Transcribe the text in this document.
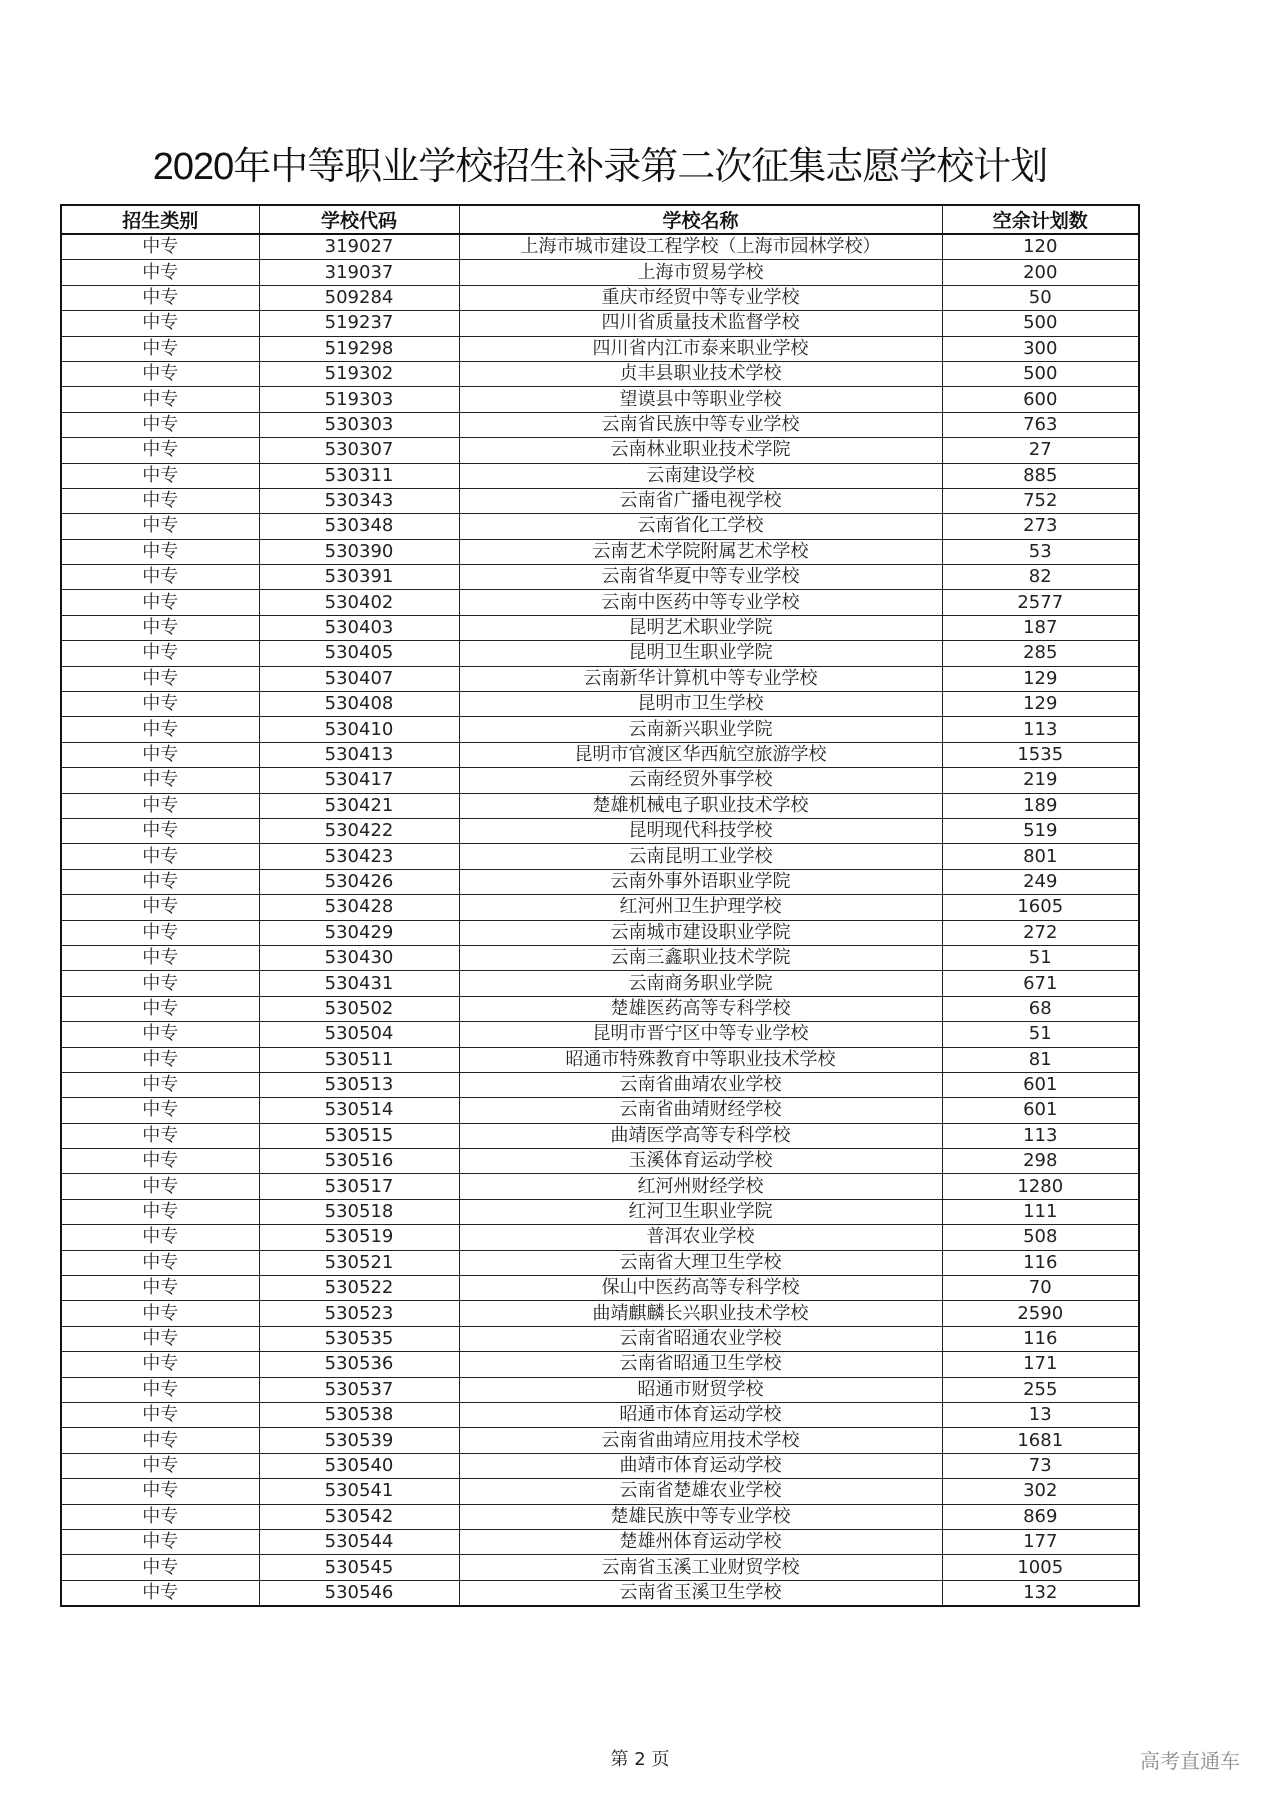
2020年中等职业学校招生补录第二次征集志愿学校计划
招生类别	学校代码	学校名称	空余计划数
中专	319027	上海市城市建设工程学校（上海市园林学校）	120
中专	319037	上海市贸易学校	200
中专	509284	重庆市经贸中等专业学校	50
中专	519237	四川省质量技术监督学校	500
中专	519298	四川省内江市泰来职业学校	300
中专	519302	贞丰县职业技术学校	500
中专	519303	望谟县中等职业学校	600
中专	530303	云南省民族中等专业学校	763
中专	530307	云南林业职业技术学院	27
中专	530311	云南建设学校	885
中专	530343	云南省广播电视学校	752
中专	530348	云南省化工学校	273
中专	530390	云南艺术学院附属艺术学校	53
中专	530391	云南省华夏中等专业学校	82
中专	530402	云南中医药中等专业学校	2577
中专	530403	昆明艺术职业学院	187
中专	530405	昆明卫生职业学院	285
中专	530407	云南新华计算机中等专业学校	129
中专	530408	昆明市卫生学校	129
中专	530410	云南新兴职业学院	113
中专	530413	昆明市官渡区华西航空旅游学校	1535
中专	530417	云南经贸外事学校	219
中专	530421	楚雄机械电子职业技术学校	189
中专	530422	昆明现代科技学校	519
中专	530423	云南昆明工业学校	801
中专	530426	云南外事外语职业学院	249
中专	530428	红河州卫生护理学校	1605
中专	530429	云南城市建设职业学院	272
中专	530430	云南三鑫职业技术学院	51
中专	530431	云南商务职业学院	671
中专	530502	楚雄医药高等专科学校	68
中专	530504	昆明市晋宁区中等专业学校	51
中专	530511	昭通市特殊教育中等职业技术学校	81
中专	530513	云南省曲靖农业学校	601
中专	530514	云南省曲靖财经学校	601
中专	530515	曲靖医学高等专科学校	113
中专	530516	玉溪体育运动学校	298
中专	530517	红河州财经学校	1280
中专	530518	红河卫生职业学院	111
中专	530519	普洱农业学校	508
中专	530521	云南省大理卫生学校	116
中专	530522	保山中医药高等专科学校	70
中专	530523	曲靖麒麟长兴职业技术学校	2590
中专	530535	云南省昭通农业学校	116
中专	530536	云南省昭通卫生学校	171
中专	530537	昭通市财贸学校	255
中专	530538	昭通市体育运动学校	13
中专	530539	云南省曲靖应用技术学校	1681
中专	530540	曲靖市体育运动学校	73
中专	530541	云南省楚雄农业学校	302
中专	530542	楚雄民族中等专业学校	869
中专	530544	楚雄州体育运动学校	177
中专	530545	云南省玉溪工业财贸学校	1005
中专	530546	云南省玉溪卫生学校	132
第 2 页	高考直通车
